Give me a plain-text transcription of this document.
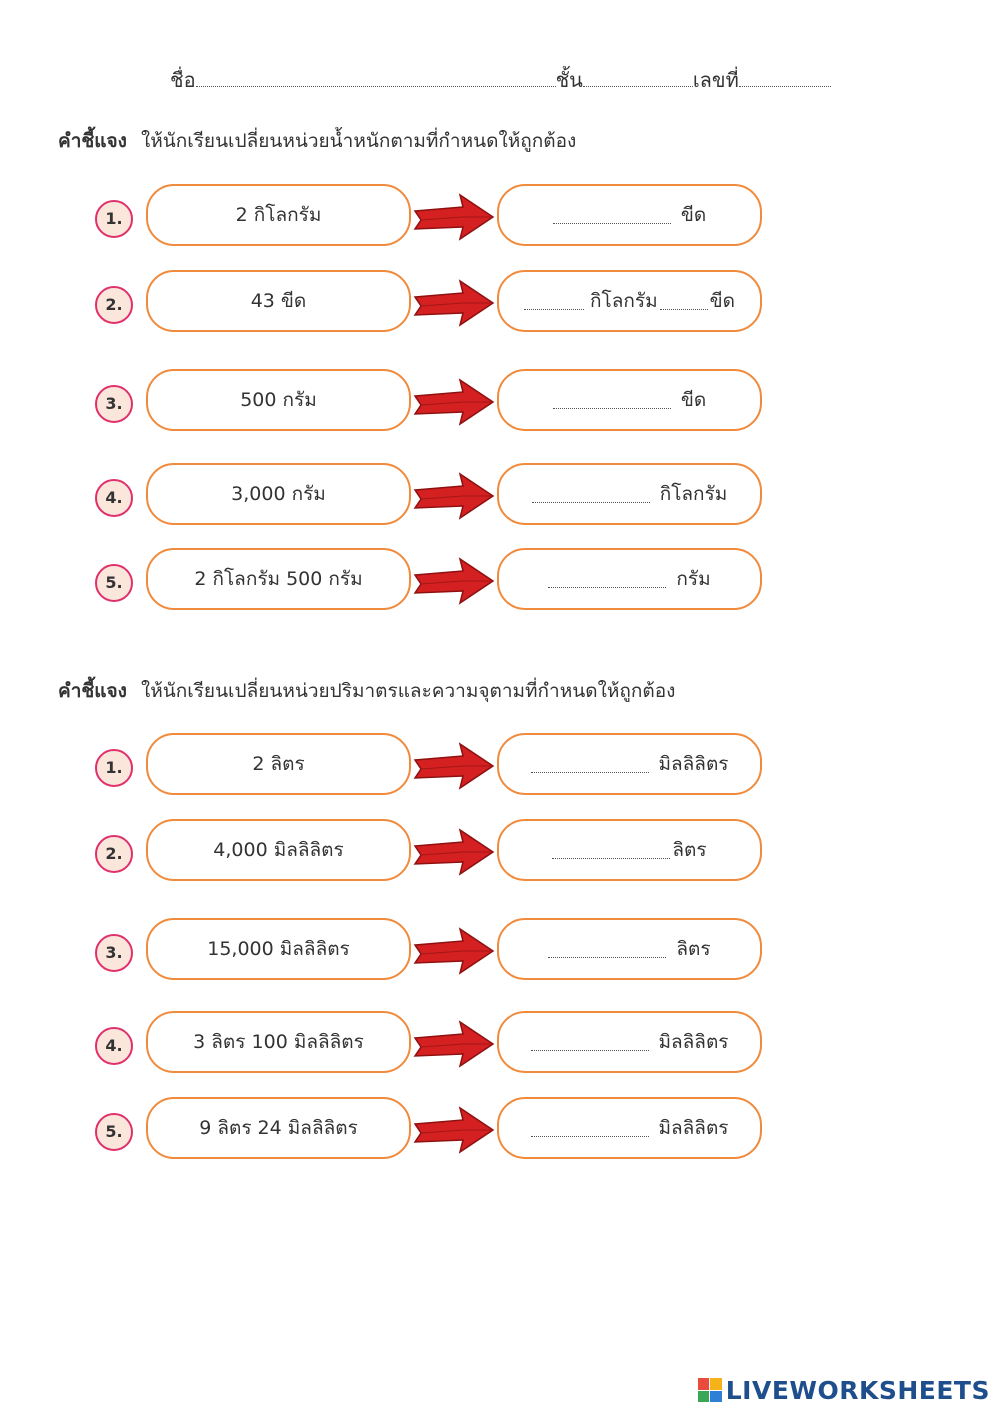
ชื่อ	ชั้น	เลขที่
คำชี้แจง ให้นักเรียนเปลี่ยนหน่วยน้ำหนักตามที่กำหนดให้ถูกต้อง
1.	2 กิโลกรัม	ขีด
2.	43 ขีด	กิโลกรัม	ขีด
3.	500 กรัม	ขีด
4.	3,000 กรัม	กิโลกรัม
5.	2 กิโลกรัม 500 กรัม	กรัม
คำชี้แจง ให้นักเรียนเปลี่ยนหน่วยปริมาตรและความจุตามที่กำหนดให้ถูกต้อง
1.	2 ลิตร	มิลลิลิตร
2.	4,000 มิลลิลิตร	ลิตร
3.	15,000 มิลลิลิตร	ลิตร
4.	3 ลิตร 100 มิลลิลิตร	มิลลิลิตร
5.	9 ลิตร 24 มิลลิลิตร	มิลลิลิตร
LIVEWORKSHEETS
